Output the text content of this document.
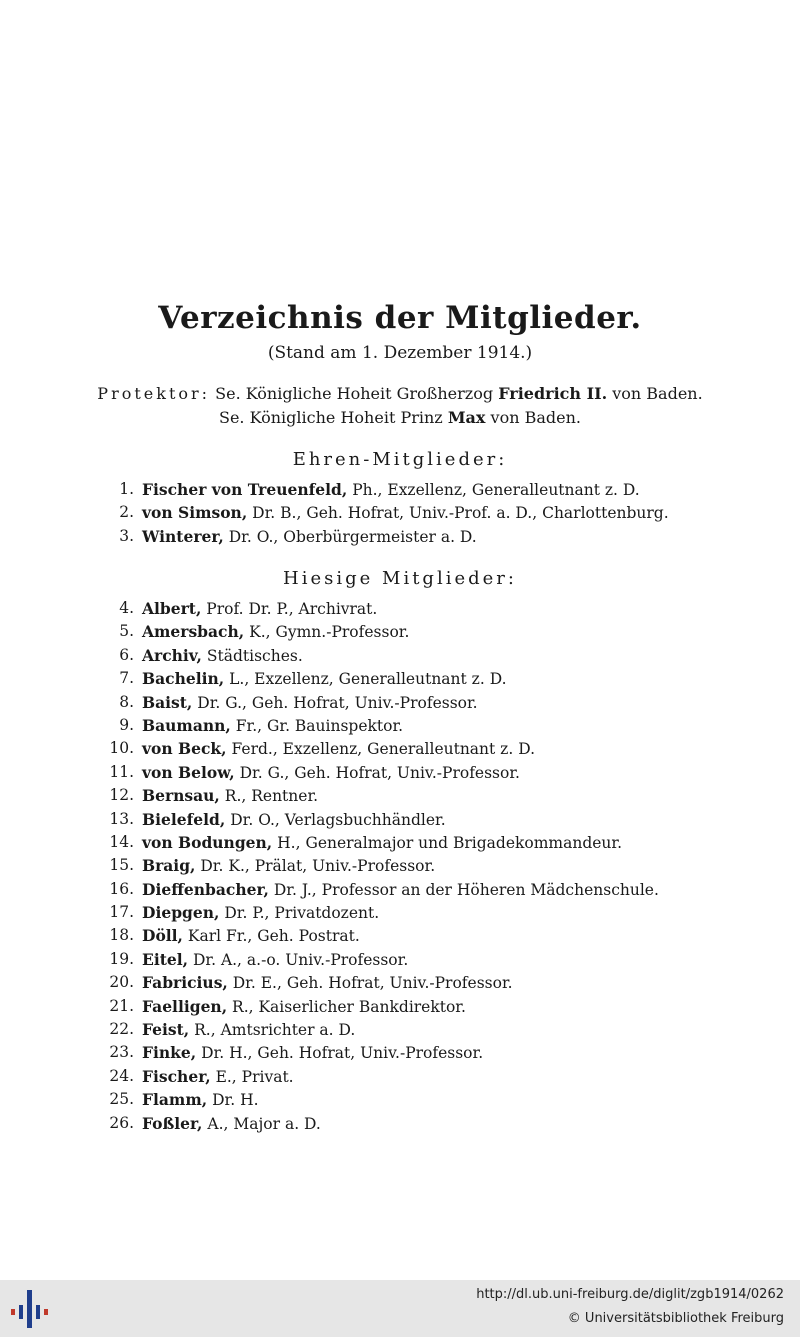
Verzeichnis der Mitglieder.
(Stand am 1. Dezember 1914.)
Protektor: Se. Königliche Hoheit Großherzog Friedrich II. von Baden.
Se. Königliche Hoheit Prinz Max von Baden.
Ehren-Mitglieder:
1. Fischer von Treuenfeld, Ph., Exzellenz, Generalleutnant z. D.
2. von Simson, Dr. B., Geh. Hofrat, Univ.-Prof. a. D., Charlottenburg.
3. Winterer, Dr. O., Oberbürgermeister a. D.
Hiesige Mitglieder:
4. Albert, Prof. Dr. P., Archivrat.
5. Amersbach, K., Gymn.-Professor.
6. Archiv, Städtisches.
7. Bachelin, L., Exzellenz, Generalleutnant z. D.
8. Baist, Dr. G., Geh. Hofrat, Univ.-Professor.
9. Baumann, Fr., Gr. Bauinspektor.
10. von Beck, Ferd., Exzellenz, Generalleutnant z. D.
11. von Below, Dr. G., Geh. Hofrat, Univ.-Professor.
12. Bernsau, R., Rentner.
13. Bielefeld, Dr. O., Verlagsbuchhändler.
14. von Bodungen, H., Generalmajor und Brigadekommandeur.
15. Braig, Dr. K., Prälat, Univ.-Professor.
16. Dieffenbacher, Dr. J., Professor an der Höheren Mädchenschule.
17. Diepgen, Dr. P., Privatdozent.
18. Döll, Karl Fr., Geh. Postrat.
19. Eitel, Dr. A., a.-o. Univ.-Professor.
20. Fabricius, Dr. E., Geh. Hofrat, Univ.-Professor.
21. Faelligen, R., Kaiserlicher Bankdirektor.
22. Feist, R., Amtsrichter a. D.
23. Finke, Dr. H., Geh. Hofrat, Univ.-Professor.
24. Fischer, E., Privat.
25. Flamm, Dr. H.
26. Foßler, A., Major a. D.
http://dl.ub.uni-freiburg.de/diglit/zgb1914/0262
© Universitätsbibliothek Freiburg
